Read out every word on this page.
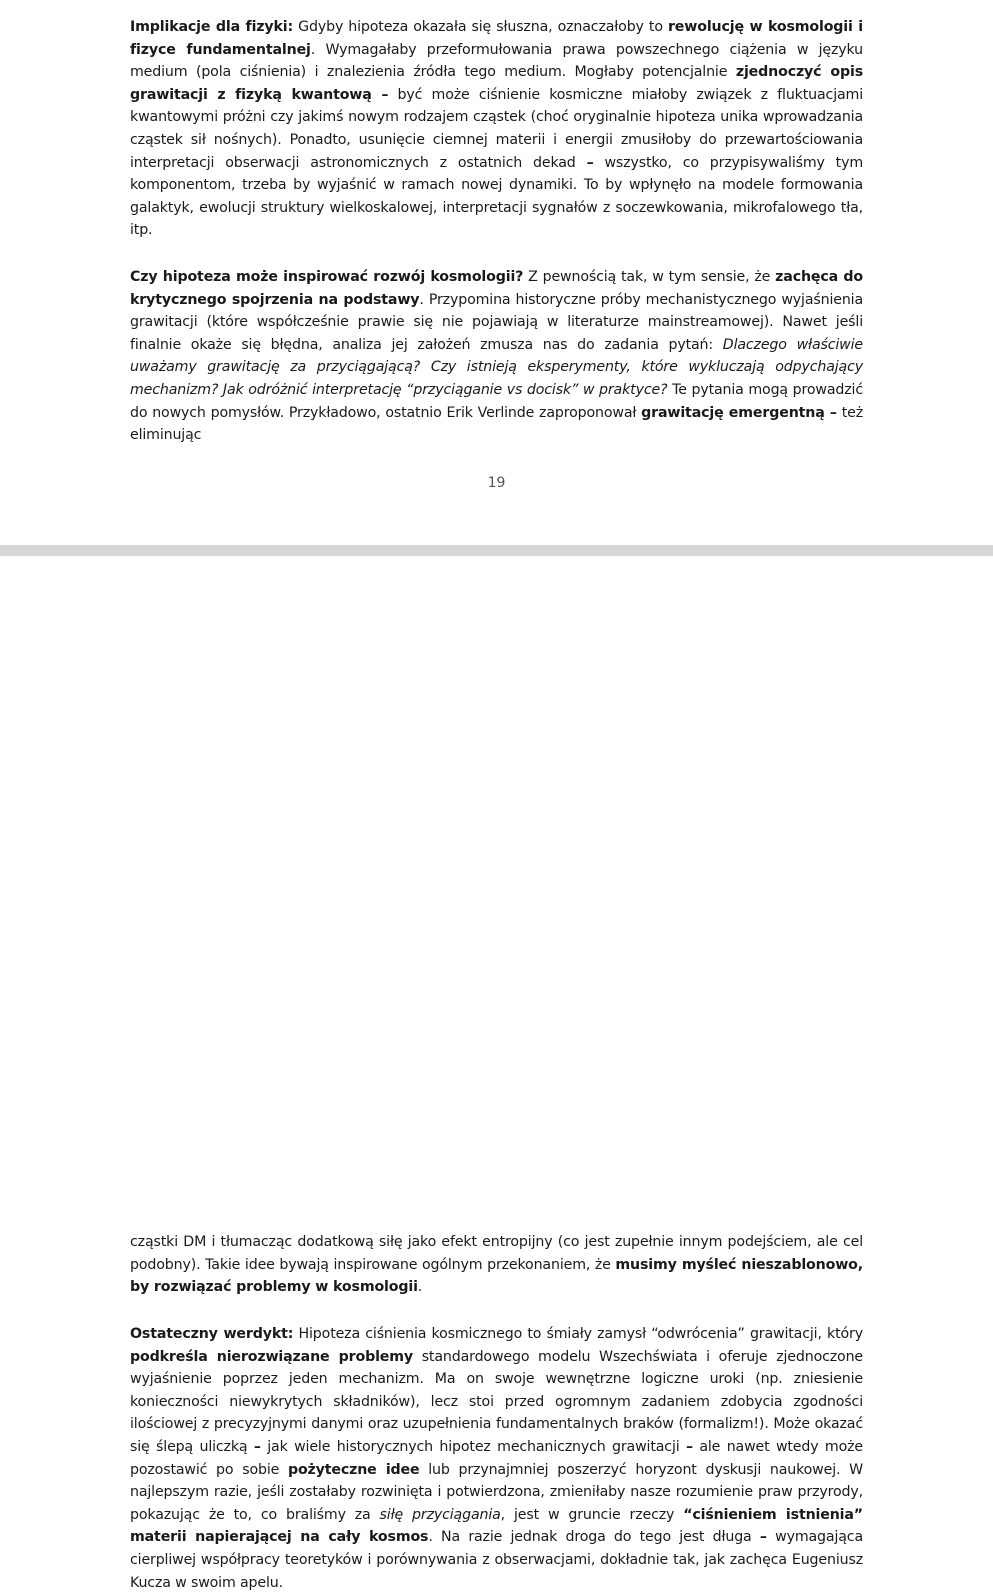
Implikacje dla fizyki: Gdyby hipoteza okazała się słuszna, oznaczałoby to rewolucję w kosmologii i fizyce fundamentalnej. Wymagałaby przeformułowania prawa powszechnego ciążenia w języku medium (pola ciśnienia) i znalezienia źródła tego medium. Mogłaby potencjalnie zjednoczyć opis grawitacji z fizyką kwantową – być może ciśnienie kosmiczne miałoby związek z fluktuacjami kwantowymi próżni czy jakimś nowym rodzajem cząstek (choć oryginalnie hipoteza unika wprowadzania cząstek sił nośnych). Ponadto, usunięcie ciemnej materii i energii zmusiłoby do przewartościowania interpretacji obserwacji astronomicznych z ostatnich dekad – wszystko, co przypisywaliśmy tym komponentom, trzeba by wyjaśnić w ramach nowej dynamiki. To by wpłynęło na modele formowania galaktyk, ewolucji struktury wielkoskalowej, interpretacji sygnałów z soczewkowania, mikrofalowego tła, itp.
Czy hipoteza może inspirować rozwój kosmologii? Z pewnością tak, w tym sensie, że zachęca do krytycznego spojrzenia na podstawy. Przypomina historyczne próby mechanistycznego wyjaśnienia grawitacji (które współcześnie prawie się nie pojawiają w literaturze mainstreamowej). Nawet jeśli finalnie okaże się błędna, analiza jej założeń zmusza nas do zadania pytań: Dlaczego właściwie uważamy grawitację za przyciągającą? Czy istnieją eksperymenty, które wykluczają odpychający mechanizm? Jak odróżnić interpretację “przyciąganie vs docisk” w praktyce? Te pytania mogą prowadzić do nowych pomysłów. Przykładowo, ostatnio Erik Verlinde zaproponował grawitację emergentną – też eliminując
19
cząstki DM i tłumacząc dodatkową siłę jako efekt entropijny (co jest zupełnie innym podejściem, ale cel podobny). Takie idee bywają inspirowane ogólnym przekonaniem, że musimy myśleć nieszablonowo, by rozwiązać problemy w kosmologii.
Ostateczny werdykt: Hipoteza ciśnienia kosmicznego to śmiały zamysł “odwrócenia” grawitacji, który podkreśla nierozwiązane problemy standardowego modelu Wszechświata i oferuje zjednoczone wyjaśnienie poprzez jeden mechanizm. Ma on swoje wewnętrzne logiczne uroki (np. zniesienie konieczności niewykrytych składników), lecz stoi przed ogromnym zadaniem zdobycia zgodności ilościowej z precyzyjnymi danymi oraz uzupełnienia fundamentalnych braków (formalizm!). Może okazać się ślepą uliczką – jak wiele historycznych hipotez mechanicznych grawitacji – ale nawet wtedy może pozostawić po sobie pożyteczne idee lub przynajmniej poszerzyć horyzont dyskusji naukowej. W najlepszym razie, jeśli zostałaby rozwinięta i potwierdzona, zmieniłaby nasze rozumienie praw przyrody, pokazując że to, co braliśmy za siłę przyciągania, jest w gruncie rzeczy “ciśnieniem istnienia” materii napierającej na cały kosmos. Na razie jednak droga do tego jest długa – wymagająca cierpliwej współpracy teoretyków i porównywania z obserwacjami, dokładnie tak, jak zachęca Eugeniusz Kucza w swoim apelu.
